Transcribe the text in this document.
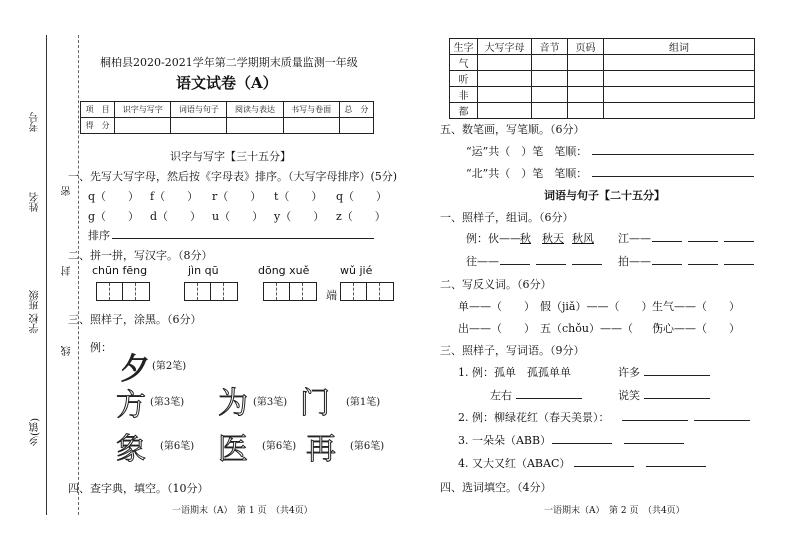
考号
姓名
密
封
学校 班级
线
乡(镇)
桐柏县2020-2021学年第二学期期末质量监测一年级
语文试卷（A）
项　目	识字与写字	词语与句子	阅读与表达	书写与卷面	总　分
得　分					
识字与写字【三十五分】
一、先写大写字母，然后按《字母表》排序。（大写字母排序）(5分)
q（　　） f（　　） r（　　） t（　　） q（　　）
g（　　） d（　　） u（　　） y（　　） z（　　）
排序
二、拼一拼，写汉字。（8分）
chūn fēng	jìn qū	dōng xuě	wǔ jié
端
三、照样子，涂黑。（6分）
例：
夕 (第2笔)
方 (第3笔) 为 (第3笔) 门 (第1笔)
象 (第6笔) 医 (第6笔) 再 (第6笔)
四、查字典，填空。（10分）
一语期末（A）　第 1 页　（共4页）
生字	大写字母	音节	页码	组词
气				
听				
非				
都				
五、数笔画，写笔顺。（6分）
“运”共（　）笔　笔顺：
“北”共（　）笔　笔顺：
词语与句子【二十五分】
一、照样子，组词。（6分）
例：伙—— 秋 秋天 秋风 江——
往——	拍——
二、写反义词。（6分）
单——（　　） 假（jiǎ）——（　　） 生气——（　　）
出——（　　） 五（chǒu）——（　　）
伤心——（　　）
三、照样子，写词语。（9分）
1. 例：孤单　孤孤单单	许多
左右	说笑
2. 例：柳绿花红（春天美景）：
3. 一朵朵（ABB）
4. 又大又红（ABAC）
四、选词填空。（4分）
一语期末（A）　第 2 页　（共4页）
